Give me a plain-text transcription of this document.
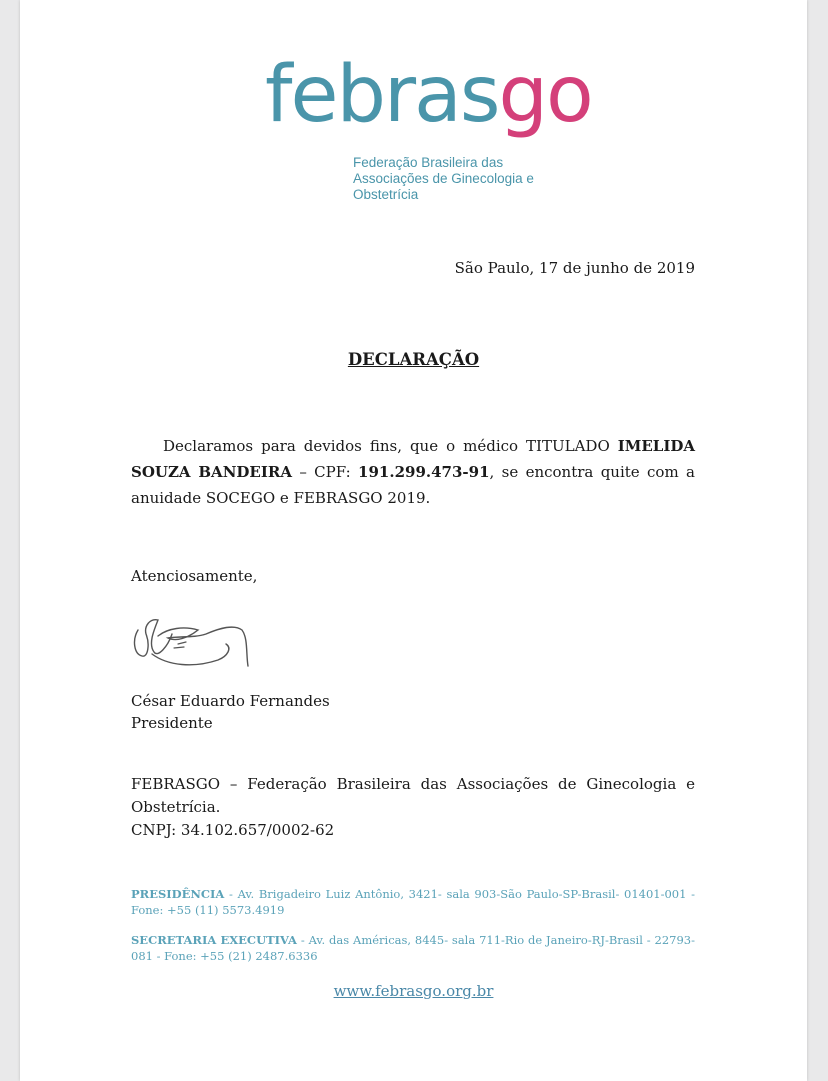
febrasgo
Federação Brasileira das
Associações de Ginecologia e Obstetrícia
São Paulo, 17 de junho de 2019
DECLARAÇÃO
Declaramos para devidos fins, que o médico TITULADO IMELIDA SOUZA BANDEIRA – CPF: 191.299.473-91, se encontra quite com a anuidade SOCEGO e FEBRASGO 2019.
Atenciosamente,
César Eduardo Fernandes
Presidente
FEBRASGO – Federação Brasileira das Associações de Ginecologia e Obstetrícia.
CNPJ: 34.102.657/0002-62
PRESIDÊNCIA - Av. Brigadeiro Luiz Antônio, 3421- sala 903-São Paulo-SP-Brasil- 01401-001 - Fone: +55 (11) 5573.4919
SECRETARIA EXECUTIVA - Av. das Américas, 8445- sala 711-Rio de Janeiro-RJ-Brasil - 22793-081 - Fone: +55 (21) 2487.6336
www.febrasgo.org.br
